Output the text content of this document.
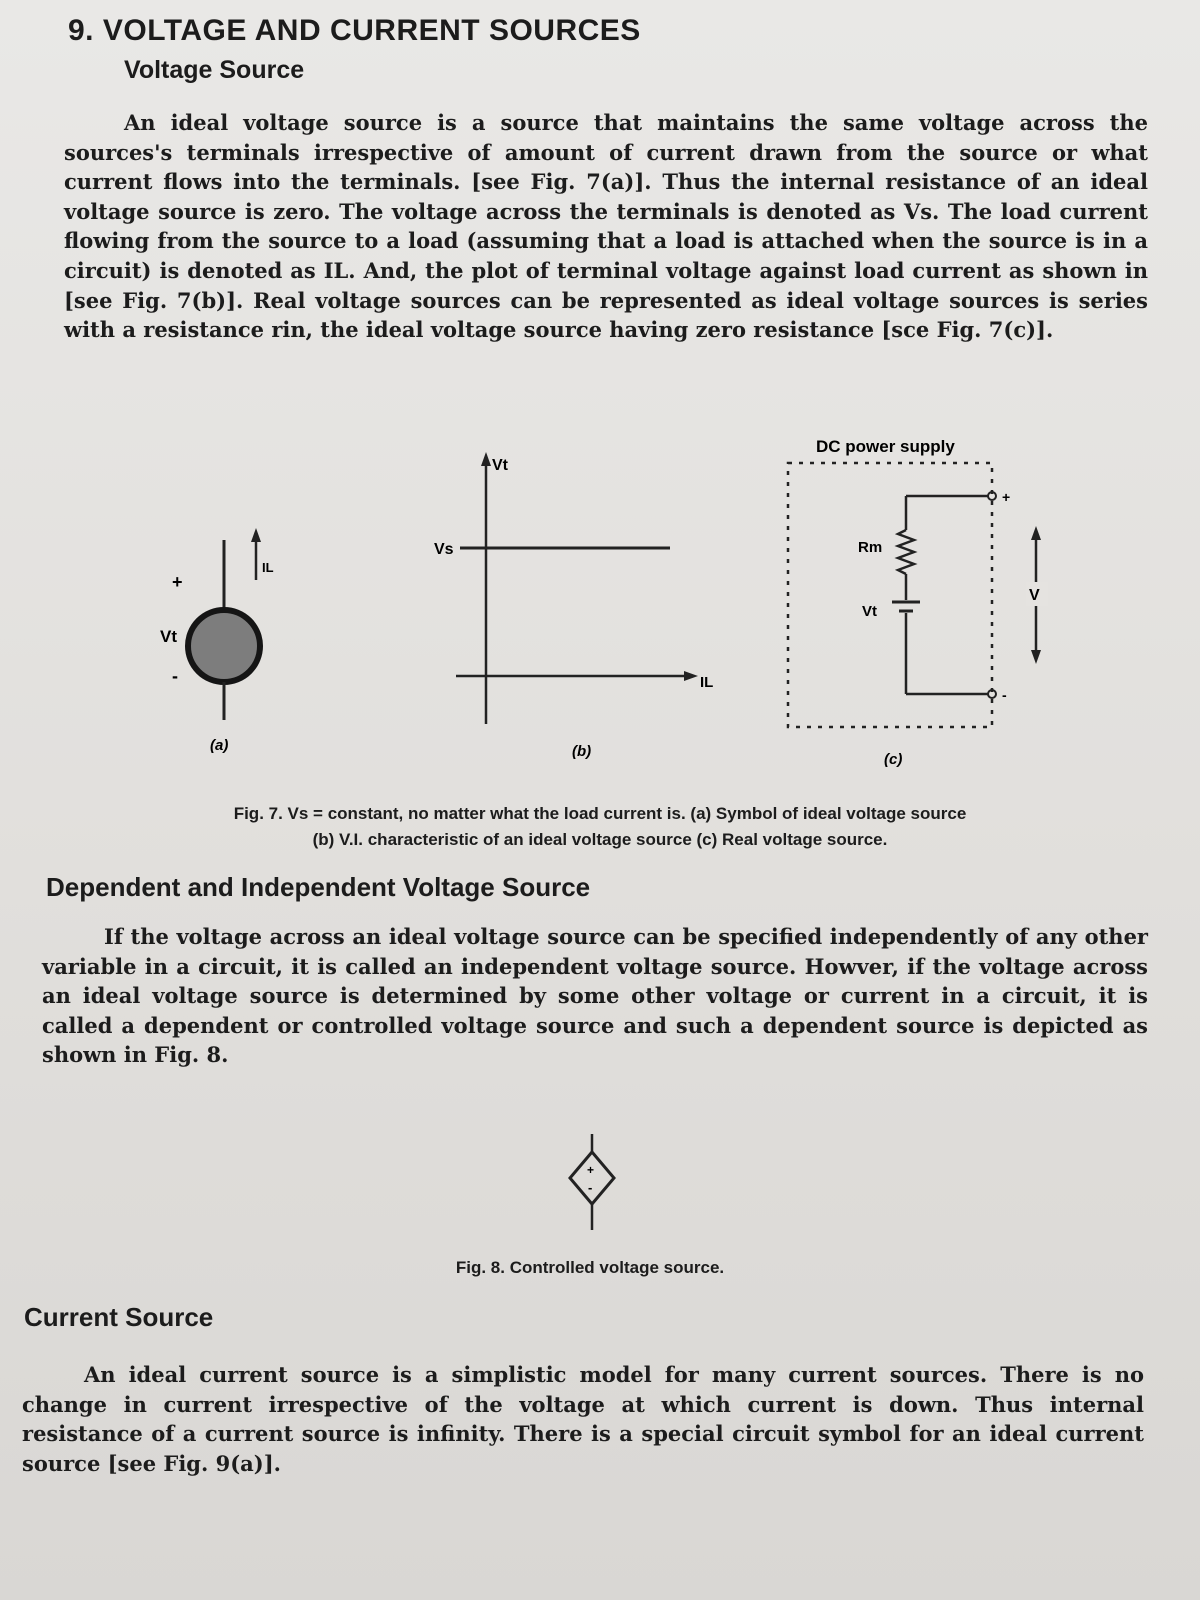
9. VOLTAGE AND CURRENT SOURCES
Voltage Source

An ideal voltage source is a source that maintains the same voltage across the sources's terminals irrespective of amount of current drawn from the source or what current flows into the terminals. [see Fig. 7(a)]. Thus the internal resistance of an ideal voltage source is zero. The voltage across the terminals is denoted as Vs. The load current flowing from the source to a load (assuming that a load is attached when the source is in a circuit) is denoted as IL. And, the plot of terminal voltage against load current as shown in [see Fig. 7(b)]. Real voltage sources can be represented as ideal voltage sources is series with a resistance rin, the ideal voltage source having zero resistance [sce Fig. 7(c)].

IL
+
Vt
-
(a)
Vt
IL
Vs
(b)
DC power supply
+
Rm
Vt
-
V
(c)
Fig. 7. Vs = constant, no matter what the load current is. (a) Symbol of ideal voltage source
(b) V.I. characteristic of an ideal voltage source (c) Real voltage source.
Dependent and Independent Voltage Source

If the voltage across an ideal voltage source can be specified independently of any other variable in a circuit, it is called an independent voltage source. Howver, if the voltage across an ideal voltage source is determined by some other voltage or current in a circuit, it is called a dependent or controlled voltage source and such a dependent source is depicted as shown in Fig. 8.

+
-
Fig. 8. Controlled voltage source.
Current Source

An ideal current source is a simplistic model for many current sources. There is no change in current irrespective of the voltage at which current is down. Thus internal resistance of a current source is infinity. There is a special circuit symbol for an ideal current source [see Fig. 9(a)].
